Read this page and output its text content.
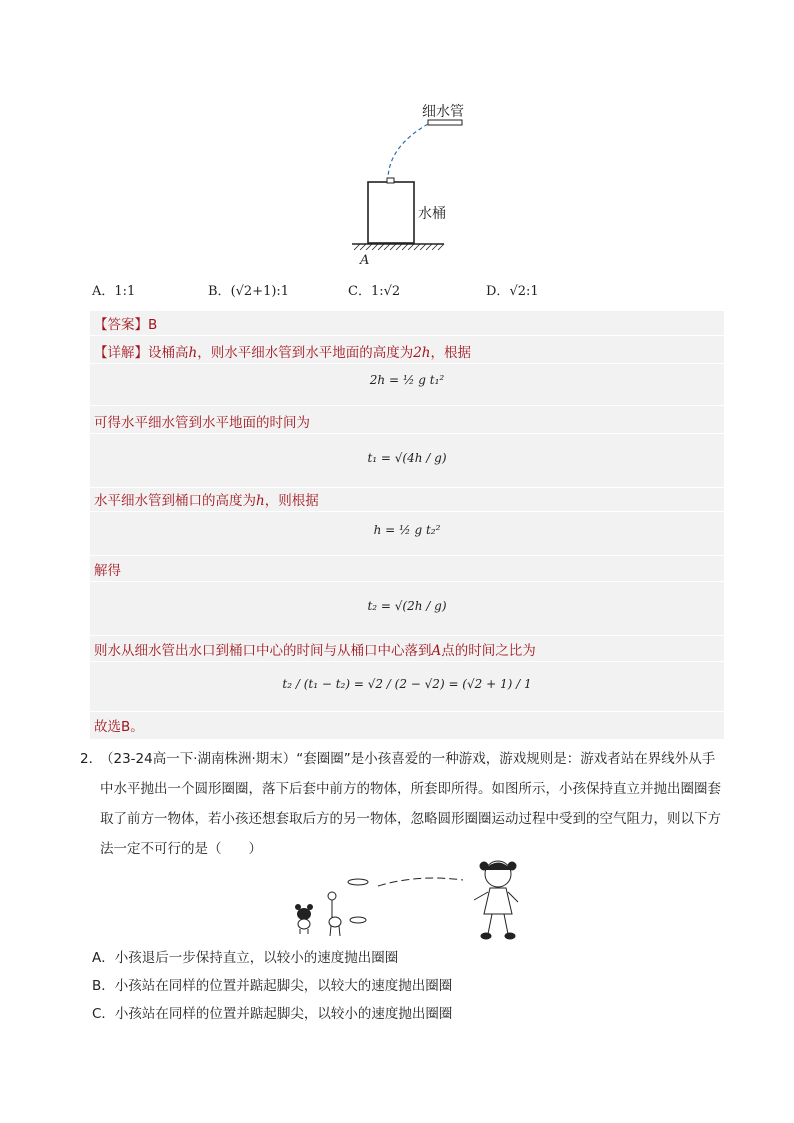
细水管
水桶
A
A．1:1	B．(√2+1):1	C．1:√2	D．√2:1
【答案】B
【详解】设桶高h，则水平细水管到水平地面的高度为2h，根据
2h = ½ g t₁²
可得水平细水管到水平地面的时间为
t₁ = √(4h / g)
水平细水管到桶口的高度为h，则根据
h = ½ g t₂²
解得
t₂ = √(2h / g)
则水从细水管出水口到桶口中心的时间与从桶口中心落到A点的时间之比为
t₂ / (t₁ − t₂) = √2 / (2 − √2) = (√2 + 1) / 1
故选B。
2．
（23-24高一下·湖南株洲·期末）“套圈圈”是小孩喜爱的一种游戏，游戏规则是：游戏者站在界线外从手中水平抛出一个圆形圈圈，落下后套中前方的物体，所套即所得。如图所示，小孩保持直立并抛出圈圈套取了前方一物体，若小孩还想套取后方的另一物体，忽略圆形圈圈运动过程中受到的空气阻力，则以下方法一定不可行的是（　　）
A．小孩退后一步保持直立，以较小的速度抛出圈圈
B．小孩站在同样的位置并踮起脚尖，以较大的速度抛出圈圈
C．小孩站在同样的位置并踮起脚尖，以较小的速度抛出圈圈
